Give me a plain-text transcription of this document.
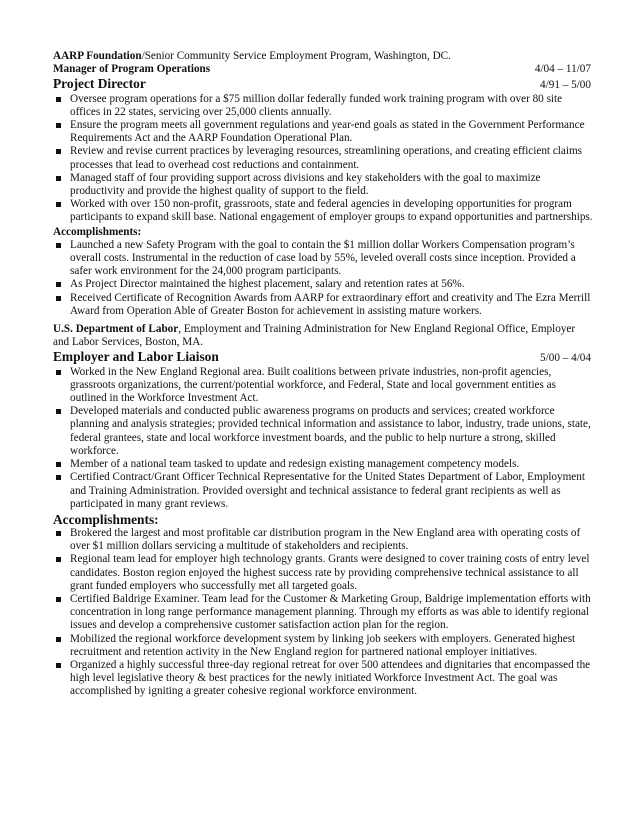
AARP Foundation/Senior Community Service Employment Program, Washington, DC.

Manager of Program Operations	4/04 – 11/07
Project Director	4/91 – 5/00
Oversee program operations for a $75 million dollar federally funded work training program with over 80 site offices in 22 states, servicing over 25,000 clients annually.
Ensure the program meets all government regulations and year-end goals as stated in the Government Performance Requirements Act and the AARP Foundation Operational Plan.
Review and revise current practices by leveraging resources, streamlining operations, and creating efficient claims processes that lead to overhead cost reductions and containment.
Managed staff of four providing support across divisions and key stakeholders with the goal to maximize productivity and provide the highest quality of support to the field.
Worked with over 150 non-profit, grassroots, state and federal agencies in developing opportunities for program participants to expand skill base. National engagement of employer groups to expand opportunities and partnerships.
Accomplishments:
Launched a new Safety Program with the goal to contain the $1 million dollar Workers Compensation program’s overall costs. Instrumental in the reduction of case load by 55%, leveled overall costs since inception. Provided a safer work environment for the 24,000 program participants.
As Project Director maintained the highest placement, salary and retention rates at 56%.
Received Certificate of Recognition Awards from AARP for extraordinary effort and creativity and The Ezra Merrill Award from Operation Able of Greater Boston for achievement in assisting mature workers.

U.S. Department of Labor, Employment and Training Administration for New England Regional Office, Employer and Labor Services, Boston, MA.

Employer and Labor Liaison	5/00 – 4/04
Worked in the New England Regional area. Built coalitions between private industries, non-profit agencies, grassroots organizations, the current/potential workforce, and Federal, State and local government entities as outlined in the Workforce Investment Act.
Developed materials and conducted public awareness programs on products and services; created workforce planning and analysis strategies; provided technical information and assistance to labor, industry, trade unions, state, federal grantees, state and local workforce investment boards, and the public to help nurture a strong, skilled workforce.
Member of a national team tasked to update and redesign existing management competency models.
Certified Contract/Grant Officer Technical Representative for the United States Department of Labor, Employment and Training Administration. Provided oversight and technical assistance to federal grant recipients as well as participated in many grant reviews.
Accomplishments:
Brokered the largest and most profitable car distribution program in the New England area with operating costs of over $1 million dollars servicing a multitude of stakeholders and recipients.
Regional team lead for employer high technology grants. Grants were designed to cover training costs of entry level candidates. Boston region enjoyed the highest success rate by providing comprehensive technical assistance to all grant funded employers who successfully met all targeted goals.
Certified Baldrige Examiner. Team lead for the Customer & Marketing Group, Baldrige implementation efforts with concentration in long range performance management planning. Through my efforts as was able to identify regional issues and develop a comprehensive customer satisfaction action plan for the region.
Mobilized the regional workforce development system by linking job seekers with employers. Generated highest recruitment and retention activity in the New England region for partnered national employer initiatives.
Organized a highly successful three-day regional retreat for over 500 attendees and dignitaries that encompassed the high level legislative theory & best practices for the newly initiated Workforce Investment Act. The goal was accomplished by igniting a greater cohesive regional workforce environment.
